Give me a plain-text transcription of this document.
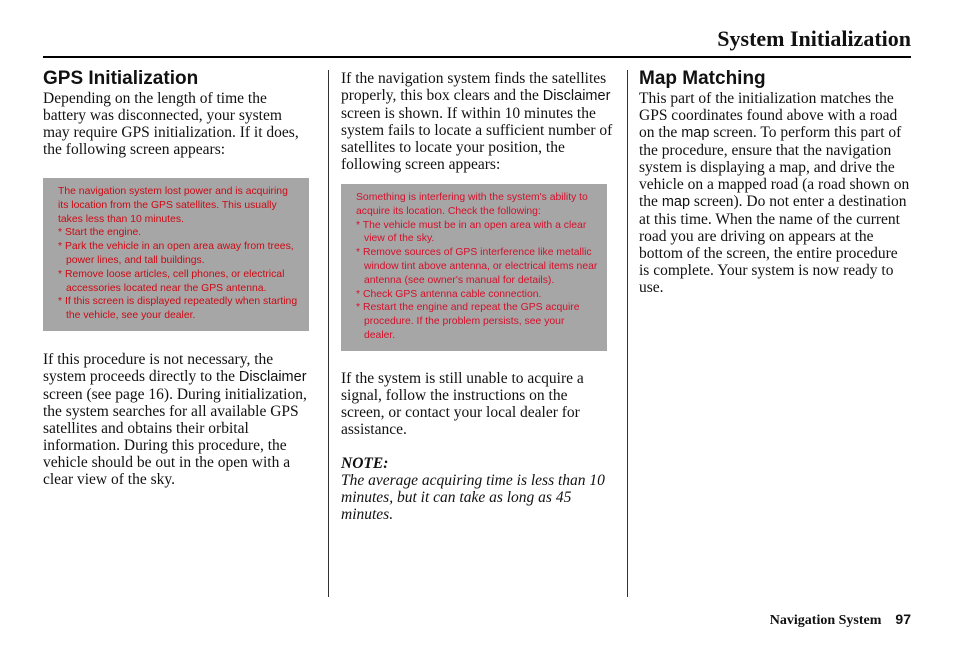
System Initialization
GPS Initialization

Depending on the length of time the battery was disconnected, your system may require GPS initialization. If it does, the following screen appears:

The navigation system lost power and is acquiring its location from the GPS satellites. This usually takes less than 10 minutes.

* Start the engine.
* Park the vehicle in an open area away from trees, power lines, and tall buildings.
* Remove loose articles, cell phones, or electrical accessories located near the GPS antenna.
* If this screen is displayed repeatedly when starting the vehicle, see your dealer.

If this procedure is not necessary, the system proceeds directly to the Disclaimer screen (see page 16). During initialization, the system searches for all available GPS satellites and obtains their orbital information. During this procedure, the vehicle should be out in the open with a clear view of the sky.

If the navigation system finds the satellites properly, this box clears and the Disclaimer screen is shown. If within 10 minutes the system fails to locate a sufficient number of satellites to locate your position, the following screen appears:

Something is interfering with the system's ability to acquire its location. Check the following:

* The vehicle must be in an open area with a clear view of the sky.
* Remove sources of GPS interference like metallic window tint above antenna, or electrical items near antenna (see owner's manual for details).
* Check GPS antenna cable connection.
* Restart the engine and repeat the GPS acquire procedure. If the problem persists, see your dealer.

If the system is still unable to acquire a signal, follow the instructions on the screen, or contact your local dealer for assistance.

NOTE:

The average acquiring time is less than 10 minutes, but it can take as long as 45 minutes.

Map Matching

This part of the initialization matches the GPS coordinates found above with a road on the map screen. To perform this part of the procedure, ensure that the navigation system is displaying a map, and drive the vehicle on a mapped road (a road shown on the map screen). Do not enter a destination at this time. When the name of the current road you are driving on appears at the bottom of the screen, the entire procedure is complete. Your system is now ready to use.

Navigation System 97
